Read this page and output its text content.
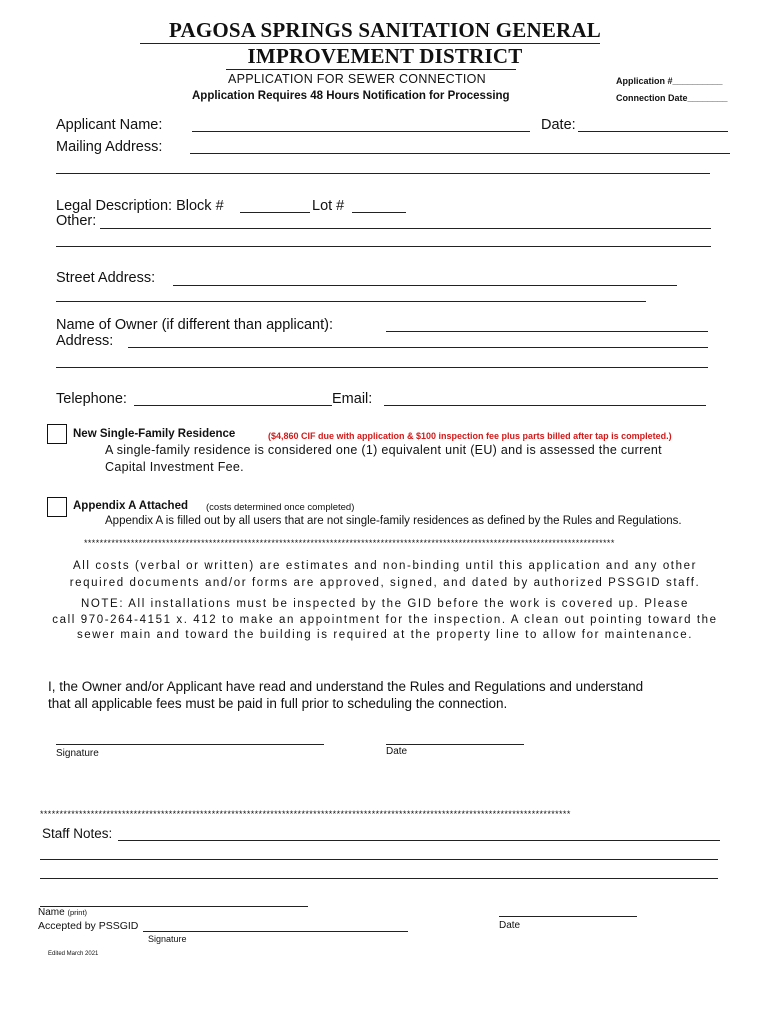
PAGOSA SPRINGS SANITATION GENERAL
IMPROVEMENT DISTRICT
APPLICATION FOR SEWER CONNECTION
Application Requires 48 Hours Notification for Processing
Application #__________
Connection Date________
Applicant Name:	Date:
Mailing Address:
Legal Description: Block #	Lot #
Other:
Street Address:
Name of Owner (if different than applicant):
Address:
Telephone:	Email:
New Single-Family Residence	($4,860 CIF due with application & $100 inspection fee plus parts billed after tap is completed.)
A single-family residence is considered one (1) equivalent unit (EU) and is assessed the current
Capital Investment Fee.
Appendix A Attached (costs determined once completed)
Appendix A is filled out by all users that are not single-family residences as defined by the Rules and Regulations.
****************************************************************************************************************************************
All costs (verbal or written) are estimates and non-binding until this application and any other
required documents and/or forms are approved, signed, and dated by authorized PSSGID staff.
NOTE: All installations must be inspected by the GID before the work is covered up. Please
call 970-264-4151 x. 412 to make an appointment for the inspection. A clean out pointing toward the
sewer main and toward the building is required at the property line to allow for maintenance.
I, the Owner and/or Applicant have read and understand the Rules and Regulations and understand
that all applicable fees must be paid in full prior to scheduling the connection.
Signature	Date
****************************************************************************************************************************************
Staff Notes:
Name (print)
Accepted by PSSGID
Signature
Date
Edited March 2021
